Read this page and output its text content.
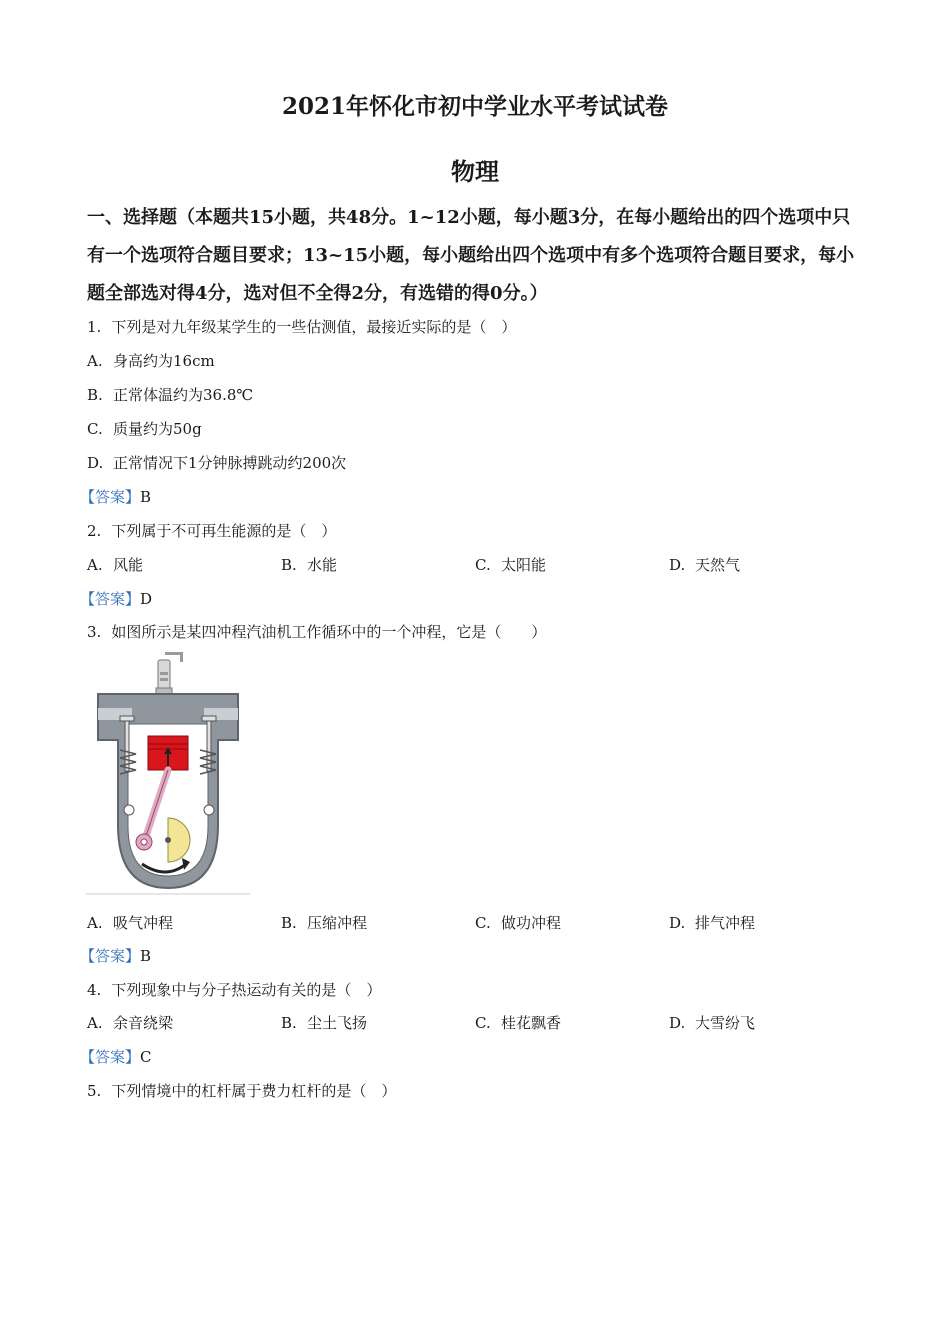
2021年怀化市初中学业水平考试试卷
物理
一、选择题（本题共15小题，共48分。1~12小题，每小题3分，在每小题给出的四个选项中只有一个选项符合题目要求；13~15小题，每小题给出四个选项中有多个选项符合题目要求，每小题全部选对得4分，选对但不全得2分，有选错的得0分。）
1. 下列是对九年级某学生的一些估测值，最接近实际的是（　）
A. 身高约为16cm
B. 正常体温约为36.8℃
C. 质量约为50g
D. 正常情况下1分钟脉搏跳动约200次
【答案】B
2. 下列属于不可再生能源的是（　）
A. 风能	B. 水能	C. 太阳能	D. 天然气
【答案】D
3. 如图所示是某四冲程汽油机工作循环中的一个冲程，它是（　　）
A. 吸气冲程	B. 压缩冲程	C. 做功冲程	D. 排气冲程
【答案】B
4. 下列现象中与分子热运动有关的是（　）
A. 余音绕梁	B. 尘土飞扬	C. 桂花飘香	D. 大雪纷飞
【答案】C
5. 下列情境中的杠杆属于费力杠杆的是（　）
